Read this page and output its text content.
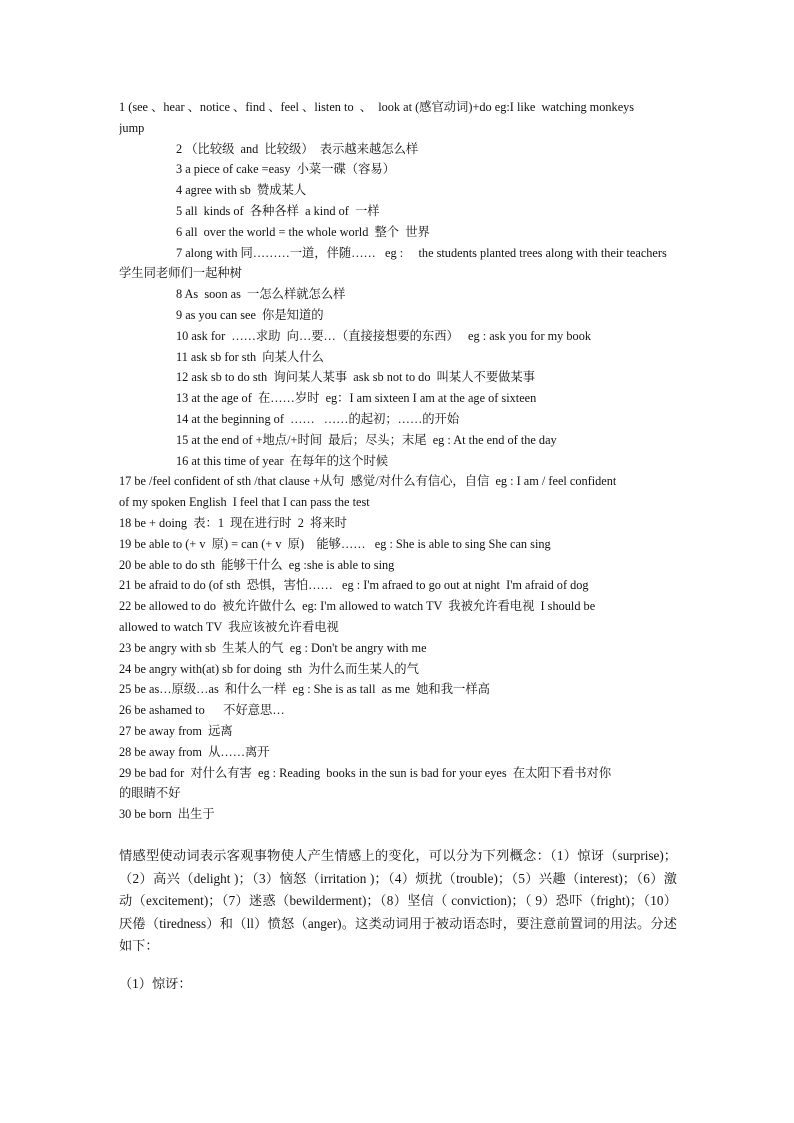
1 (see 、hear 、notice 、find 、feel 、listen to  、  look at (感官动词)+do eg:I like  watching monkeys
jump
2 （比较级  and  比较级）  表示越来越怎么样
3 a piece of cake =easy  小菜一碟（容易）
4 agree with sb  赞成某人
5 all  kinds of  各种各样  a kind of  一样
6 all  over the world = the whole world  整个  世界
7 along with 同………一道，伴随……   eg :     the students planted trees along with their teachers
学生同老师们一起种树
8 As  soon as  一怎么样就怎么样
9 as you can see  你是知道的
10 ask for  ……求助  向…要…（直接接想要的东西）   eg : ask you for my book
11 ask sb for sth  向某人什么
12 ask sb to do sth  询问某人某事  ask sb not to do  叫某人不要做某事
13 at the age of  在……岁时  eg：I am sixteen I am at the age of sixteen
14 at the beginning of  ……   ……的起初；……的开始
15 at the end of +地点/+时间  最后；尽头；末尾  eg : At the end of the day
16 at this time of year  在每年的这个时候
17 be /feel confident of sth /that clause +从句  感觉/对什么有信心，自信  eg : I am / feel confident
of my spoken English  I feel that I can pass the test
18 be + doing  表：1  现在进行时  2  将来时
19 be able to (+ v  原) = can (+ v  原)    能够……   eg : She is able to sing She can sing
20 be able to do sth  能够干什么  eg :she is able to sing
21 be afraid to do (of sth  恐惧，害怕……   eg : I'm afraed to go out at night  I'm afraid of dog
22 be allowed to do  被允许做什么  eg: I'm allowed to watch TV  我被允许看电视  I should be
allowed to watch TV  我应该被允许看电视
23 be angry with sb  生某人的气  eg : Don't be angry with me
24 be angry with(at) sb for doing  sth  为什么而生某人的气
25 be as…原级…as  和什么一样  eg : She is as tall  as me  她和我一样高
26 be ashamed to      不好意思…
27 be away from  远离
28 be away from  从……离开
29 be bad for  对什么有害  eg : Reading  books in the sun is bad for your eyes  在太阳下看书对你
的眼睛不好
30 be born  出生于
情感型使动词表示客观事物使人产生情感上的变化，可以分为下列概念：（1）惊讶（surprise)；（2）高兴（delight )；（3）恼怒（irritation )；（4）烦扰（trouble)；（5）兴趣（interest)；（6）激动（excitement)；（7）迷惑（bewilderment)；（8）坚信（ conviction)；（ 9）恐吓（fright)；（10）厌倦（tiredness）和（ll）愤怒（anger)。这类动词用于被动语态时，要注意前置词的用法。分述如下：
（1）惊讶：
